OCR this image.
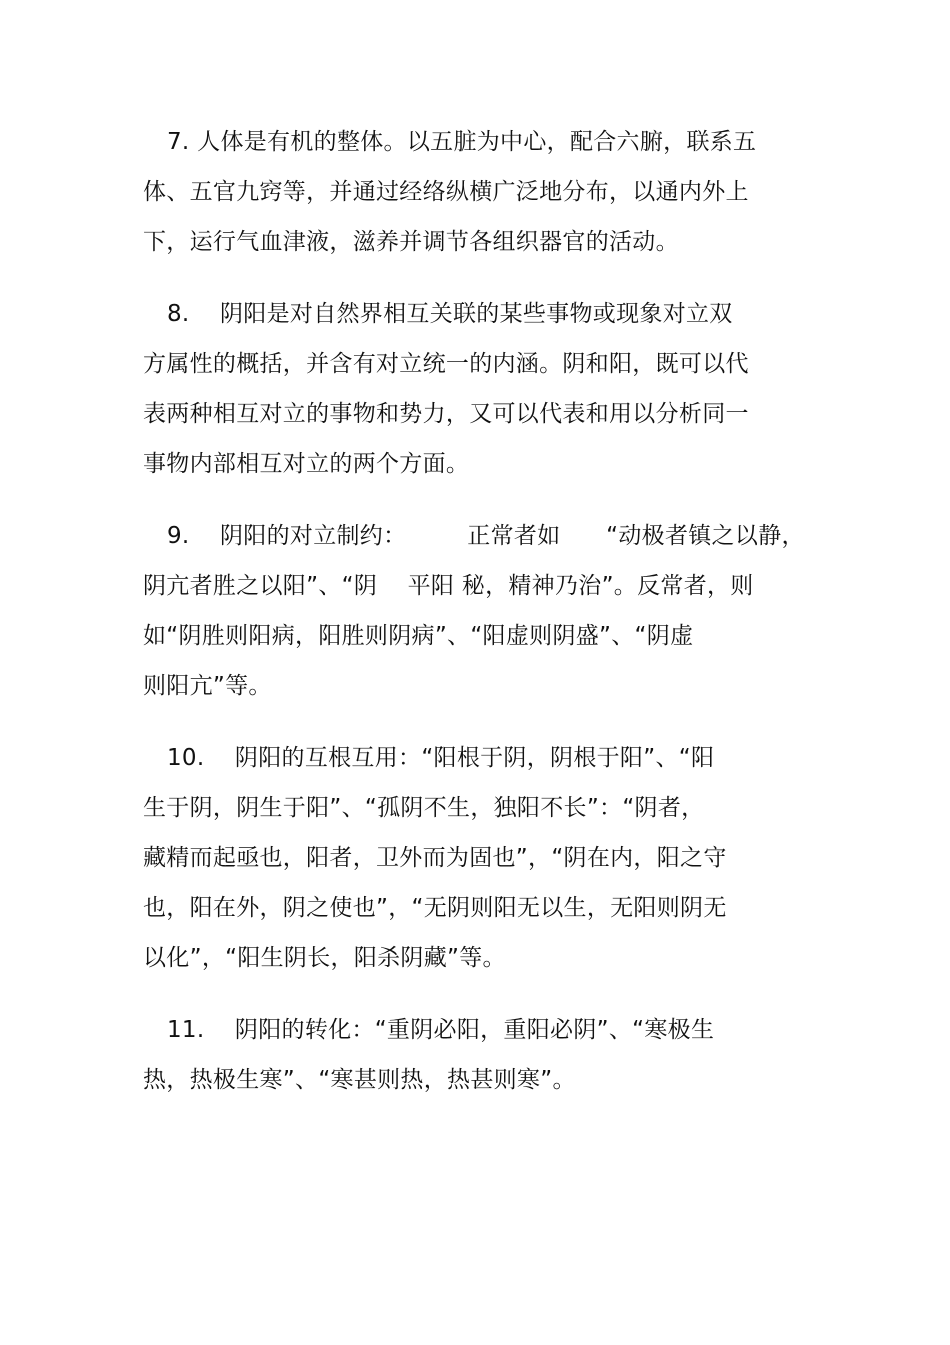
7. 人体是有机的整体。以五脏为中心，配合六腑，联系五
体、五官九窍等，并通过经络纵横广泛地分布，以通内外上
下，运行气血津液，滋养并调节各组织器官的活动。
8.    阴阳是对自然界相互关联的某些事物或现象对立双
方属性的概括，并含有对立统一的内涵。阴和阳，既可以代
表两种相互对立的事物和势力，又可以代表和用以分析同一
事物内部相互对立的两个方面。
9.    阴阳的对立制约：        正常者如      “动极者镇之以静，
阴亢者胜之以阳”、“阴    平阳 秘，精神乃治”。反常者，则
如“阴胜则阳病，阳胜则阴病”、“阳虚则阴盛”、“阴虚
则阳亢”等。
10.    阴阳的互根互用：“阳根于阴，阴根于阳”、“阳
生于阴，阴生于阳”、“孤阴不生，独阳不长”：“阴者，
藏精而起亟也，阳者，卫外而为固也”，“阴在内，阳之守
也，阳在外，阴之使也”，“无阴则阳无以生，无阳则阴无
以化”，“阳生阴长，阳杀阴藏”等。
11.    阴阳的转化：“重阴必阳，重阳必阴”、“寒极生
热，热极生寒”、“寒甚则热，热甚则寒”。
